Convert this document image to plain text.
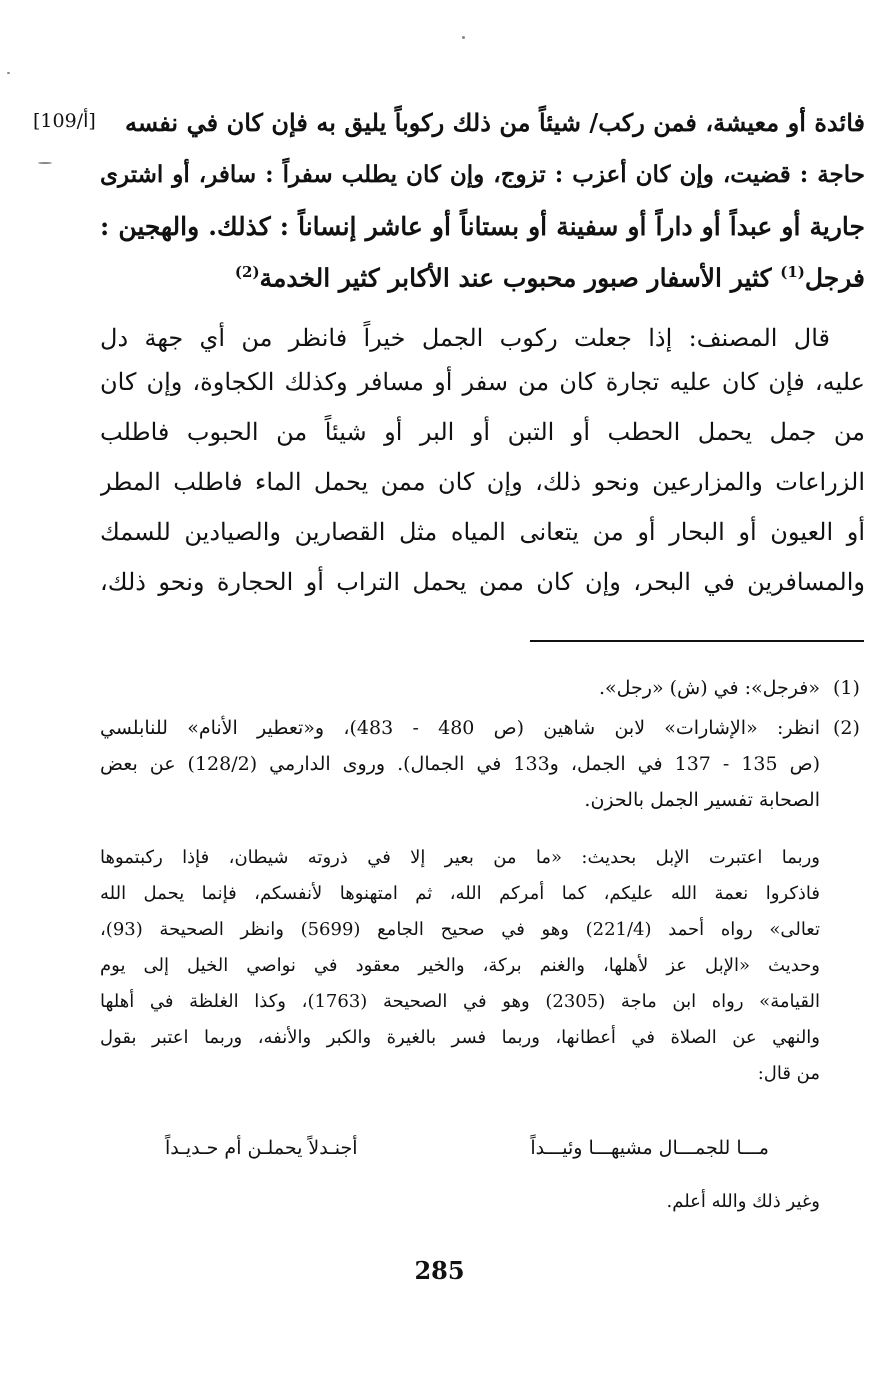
[109/أ] فائدة أو معيشة، فمن ركب/ شيئاً من ذلك ركوباً يليق به فإن كان في نفسه
حاجة : قضيت، وإن كان أعزب : تزوج، وإن كان يطلب سفراً : سافر، أو اشترى
جارية أو عبداً أو داراً أو سفينة أو بستاناً أو عاشر إنساناً : كذلك. والهجين :
فرجل$^{(1)}$ كثير الأسفار صبور محبوب عند الأكابر كثير الخدمة$^{(2)}$
قال المصنف: إذا جعلت ركوب الجمل خيراً فانظر من أي جهة دل
عليه، فإن كان عليه تجارة كان من سفر أو مسافر وكذلك الكجاوة، وإن كان
من جمل يحمل الحطب أو التبن أو البر أو شيئاً من الحبوب فاطلب
الزراعات والمزارعين ونحو ذلك، وإن كان ممن يحمل الماء فاطلب المطر
أو العيون أو البحار أو من يتعانى المياه مثل القصارين والصيادين للسمك
والمسافرين في البحر، وإن كان ممن يحمل التراب أو الحجارة ونحو ذلك،
(1)
«فرجل»: في (ش) «رجل».
(2)
انظر: «الإشارات» لابن شاهين (ص 480 - 483)، و«تعطير الأنام» للنابلسي
(ص 135 - 137 في الجمل، و133 في الجمال). وروى الدارمي (128/2) عن بعض
الصحابة تفسير الجمل بالحزن.
وربما اعتبرت الإبل بحديث: «ما من بعير إلا في ذروته شيطان، فإذا ركبتموها
فاذكروا نعمة الله عليكم، كما أمركم الله، ثم امتهنوها لأنفسكم، فإنما يحمل الله
تعالى» رواه أحمد (221/4) وهو في صحيح الجامع (5699) وانظر الصحيحة (93)،
وحديث «الإبل عز لأهلها، والغنم بركة، والخير معقود في نواصي الخيل إلى يوم
القيامة» رواه ابن ماجة (2305) وهو في الصحيحة (1763)، وكذا الغلظة في أهلها
والنهي عن الصلاة في أعطانها، وربما فسر بالغيرة والكبر والأنفه، وربما اعتبر بقول
من قال:
مـــا للجمـــال مشيهـــا وئيـــداً
أجنـدلاً يحملـن أم حـديـداً
وغير ذلك والله أعلم.
285
